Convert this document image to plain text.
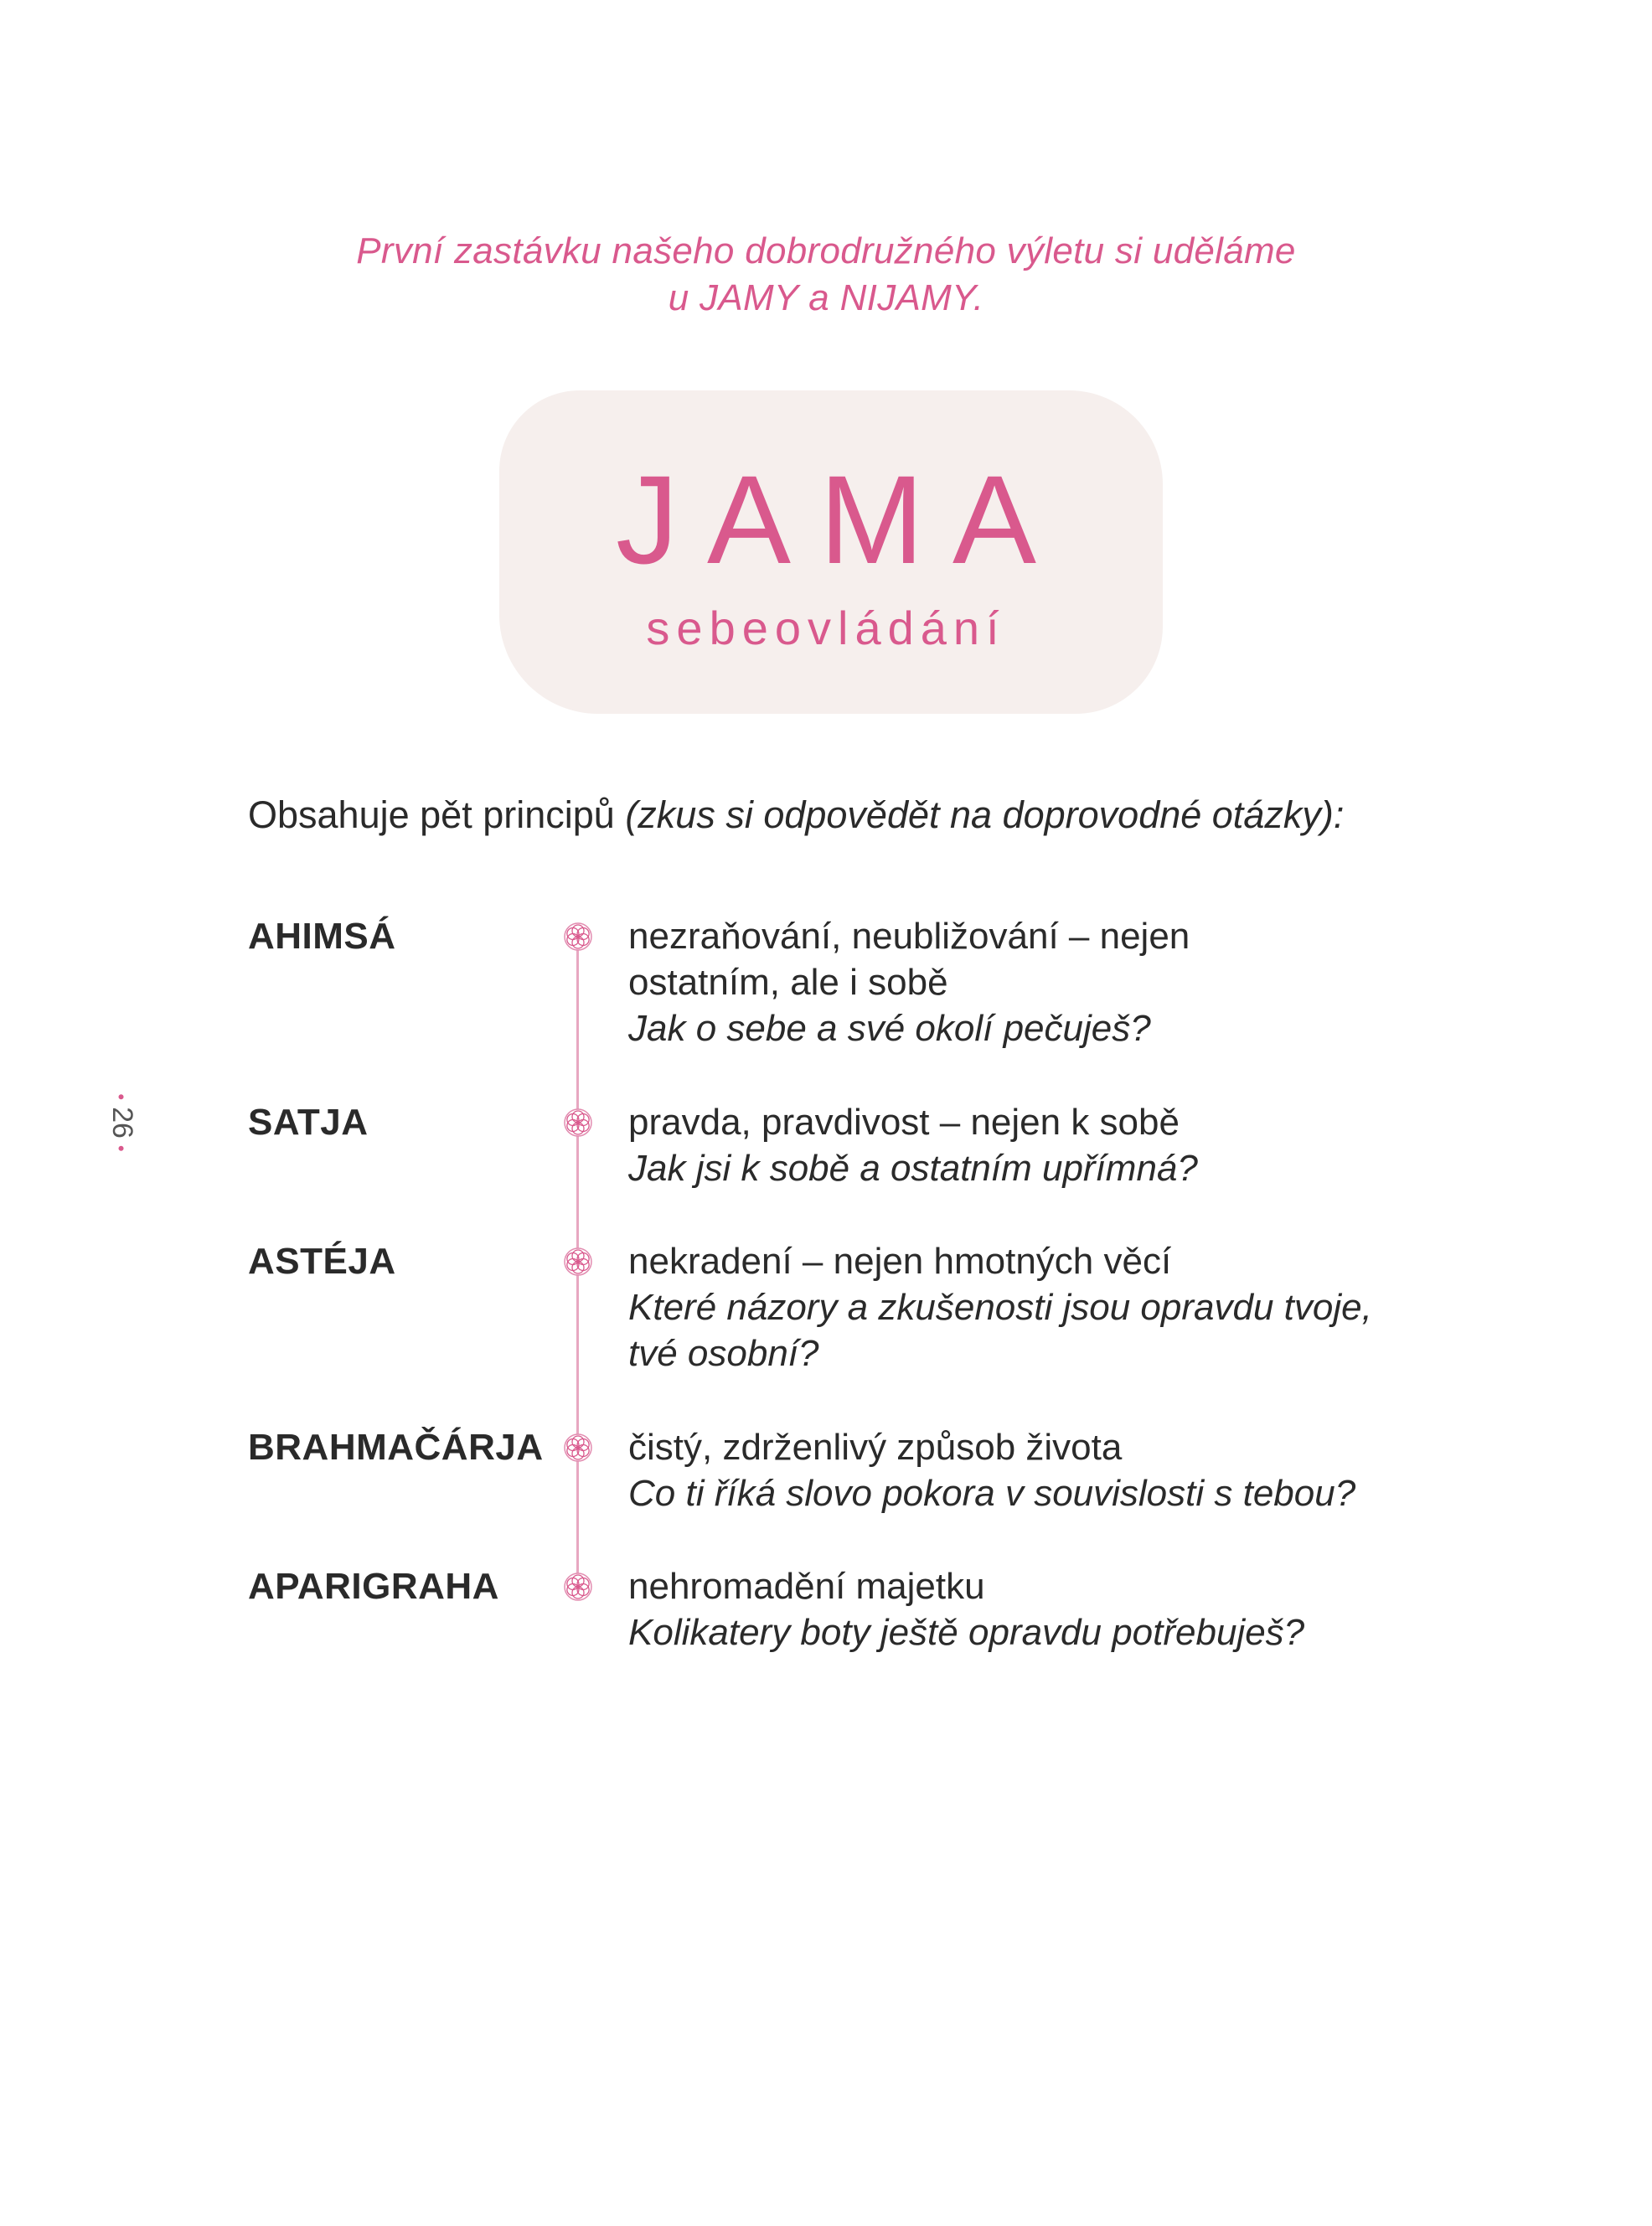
První zastávku našeho dobrodružného výletu si uděláme
u JAMY a NIJAMY.
JAMA
sebeovládání
Obsahuje pět principů (zkus si odpovědět na doprovodné otázky):
•26•
AHIMSÁ	nezraňování, neubližování – nejen ostatním, ale i sobě
Jak o sebe a své okolí pečuješ?
SATJA	pravda, pravdivost – nejen k sobě
Jak jsi k sobě a ostatním upřímná?
ASTÉJA	nekradení – nejen hmotných věcí
Které názory a zkušenosti jsou opravdu tvoje, tvé osobní?
BRAHMAČÁRJA čistý, zdrženlivý způsob života
Co ti říká slovo pokora v souvislosti s tebou?
APARIGRAHA	nehromadění majetku
Kolikatery boty ještě opravdu potřebuješ?
